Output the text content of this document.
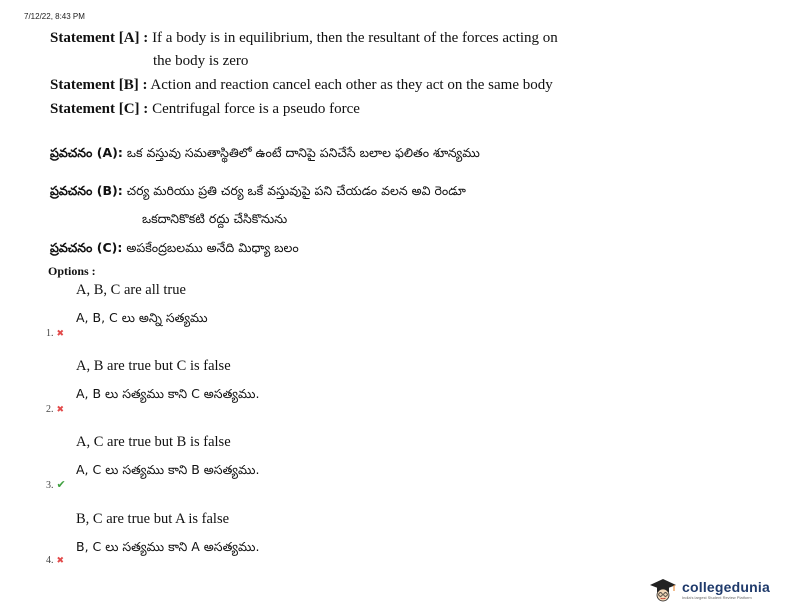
7/12/22, 8:43 PM
Statement [A] : If a body is in equilibrium, then the resultant of the forces acting on
the body is zero
Statement [B] : Action and reaction cancel each other as they act on the same body
Statement [C] : Centrifugal force is a pseudo force
ప్రవచనం (A): ఒక వస్తువు సమతాస్థితిలో ఉంటే దానిపై పనిచేసే బలాల ఫలితం శూన్యము
ప్రవచనం (B): చర్య మరియు ప్రతి చర్య ఒకే వస్తువుపై పని చేయడం వలన అవి రెండూ
ఒకదానికొకటి రద్దు చేసికొనును
ప్రవచనం (C): అపకేంద్రబలము అనేది మిధ్యా బలం
Options :
A, B, C are all true
A, B, C లు అన్ని సత్యము
1. ✖
A, B are true but C is false
A, B లు సత్యము కాని C అసత్యము.
2. ✖
A, C are true but B is false
A, C లు సత్యము కాని B అసత్యము.
3. ✔
B, C are true but A is false
B, C లు సత్యము కాని A అసత్యము.
4. ✖
collegedunia
India's largest Student Review Platform
